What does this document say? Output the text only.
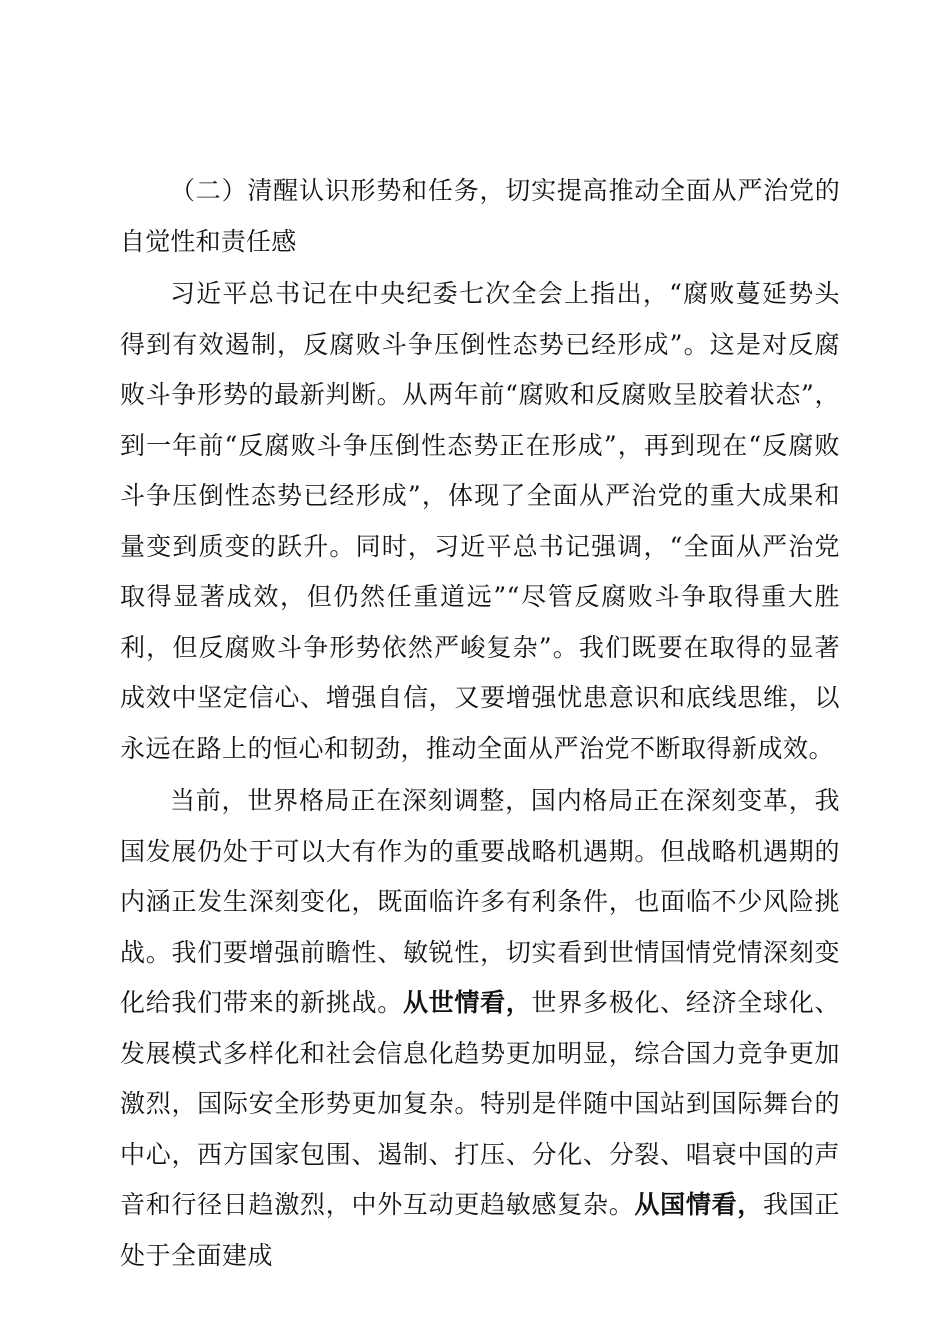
（二）清醒认识形势和任务，切实提高推动全面从严治党的自觉性和责任感

习近平总书记在中央纪委七次全会上指出，“腐败蔓延势头得到有效遏制，反腐败斗争压倒性态势已经形成”。这是对反腐败斗争形势的最新判断。从两年前“腐败和反腐败呈胶着状态”，到一年前“反腐败斗争压倒性态势正在形成”，再到现在“反腐败斗争压倒性态势已经形成”，体现了全面从严治党的重大成果和量变到质变的跃升。同时，习近平总书记强调，“全面从严治党取得显著成效，但仍然任重道远”“尽管反腐败斗争取得重大胜利，但反腐败斗争形势依然严峻复杂”。我们既要在取得的显著成效中坚定信心、增强自信，又要增强忧患意识和底线思维，以永远在路上的恒心和韧劲，推动全面从严治党不断取得新成效。

当前，世界格局正在深刻调整，国内格局正在深刻变革，我国发展仍处于可以大有作为的重要战略机遇期。但战略机遇期的内涵正发生深刻变化，既面临许多有利条件，也面临不少风险挑战。我们要增强前瞻性、敏锐性，切实看到世情国情党情深刻变化给我们带来的新挑战。从世情看，世界多极化、经济全球化、发展模式多样化和社会信息化趋势更加明显，综合国力竞争更加激烈，国际安全形势更加复杂。特别是伴随中国站到国际舞台的中心，西方国家包围、遏制、打压、分化、分裂、唱衰中国的声音和行径日趋激烈，中外互动更趋敏感复杂。从国情看，我国正处于全面建成
